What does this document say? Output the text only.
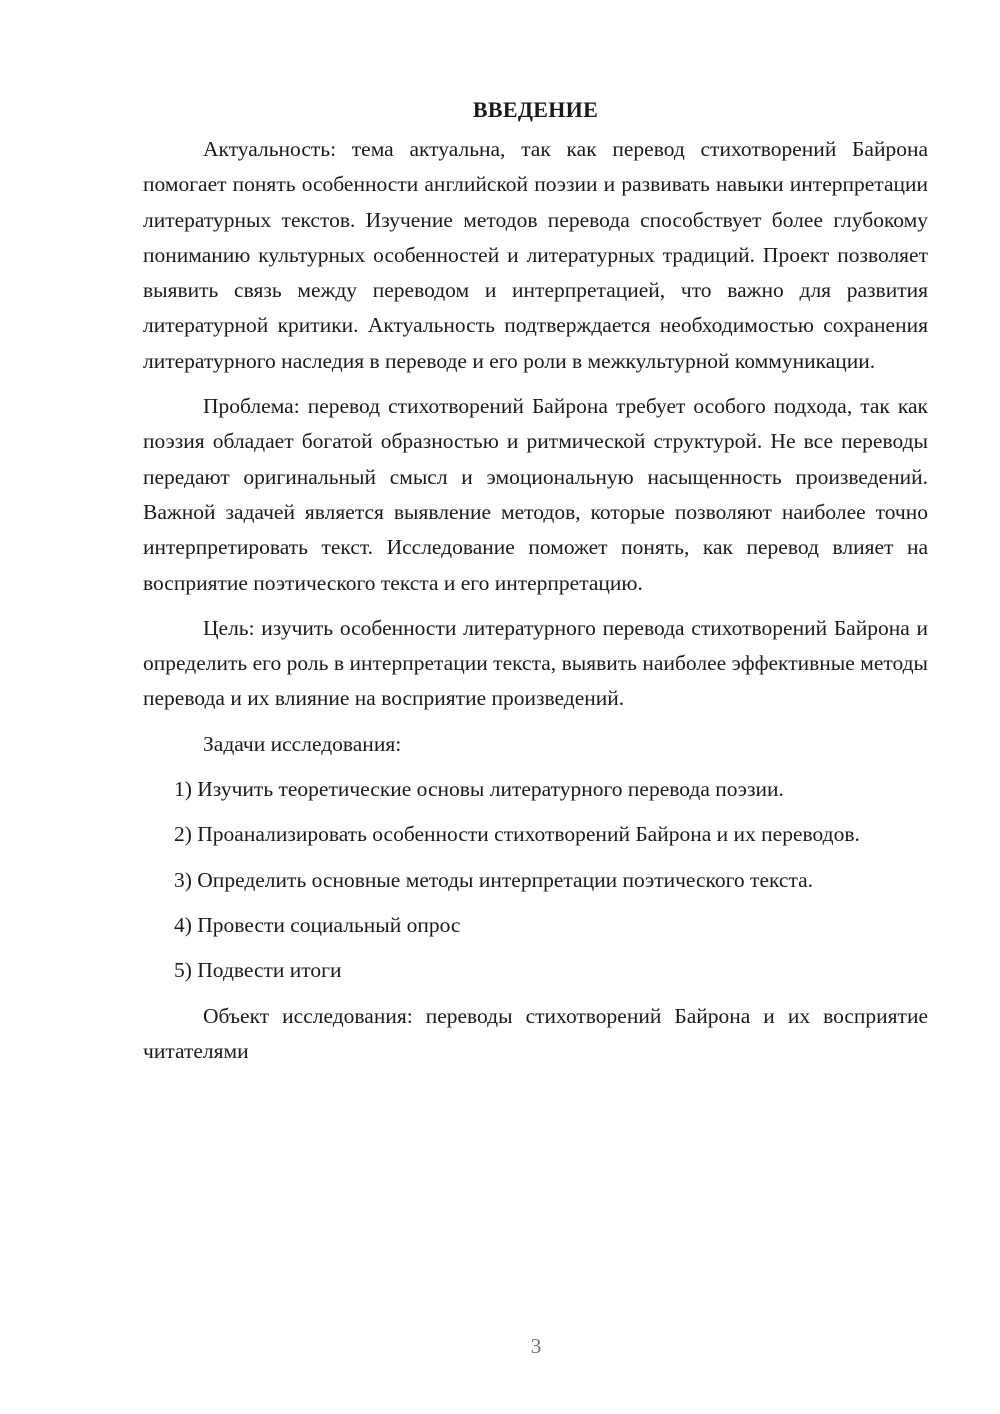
ВВЕДЕНИЕ

Актуальность: тема актуальна, так как перевод стихотворений Байрона помогает понять особенности английской поэзии и развивать навыки интерпретации литературных текстов. Изучение методов перевода способствует более глубокому пониманию культурных особенностей и литературных традиций. Проект позволяет выявить связь между переводом и интерпретацией, что важно для развития литературной критики. Актуальность подтверждается необходимостью сохранения литературного наследия в переводе и его роли в межкультурной коммуникации.

Проблема: перевод стихотворений Байрона требует особого подхода, так как поэзия обладает богатой образностью и ритмической структурой. Не все переводы передают оригинальный смысл и эмоциональную насыщенность произведений. Важной задачей является выявление методов, которые позволяют наиболее точно интерпретировать текст. Исследование поможет понять, как перевод влияет на восприятие поэтического текста и его интерпретацию.

Цель: изучить особенности литературного перевода стихотворений Байрона и определить его роль в интерпретации текста, выявить наиболее эффективные методы перевода и их влияние на восприятие произведений.

Задачи исследования:

1) Изучить теоретические основы литературного перевода поэзии.

2) Проанализировать особенности стихотворений Байрона и их переводов.

3) Определить основные методы интерпретации поэтического текста.

4) Провести социальный опрос

5) Подвести итоги

Объект исследования: переводы стихотворений Байрона и их восприятие читателями

3
